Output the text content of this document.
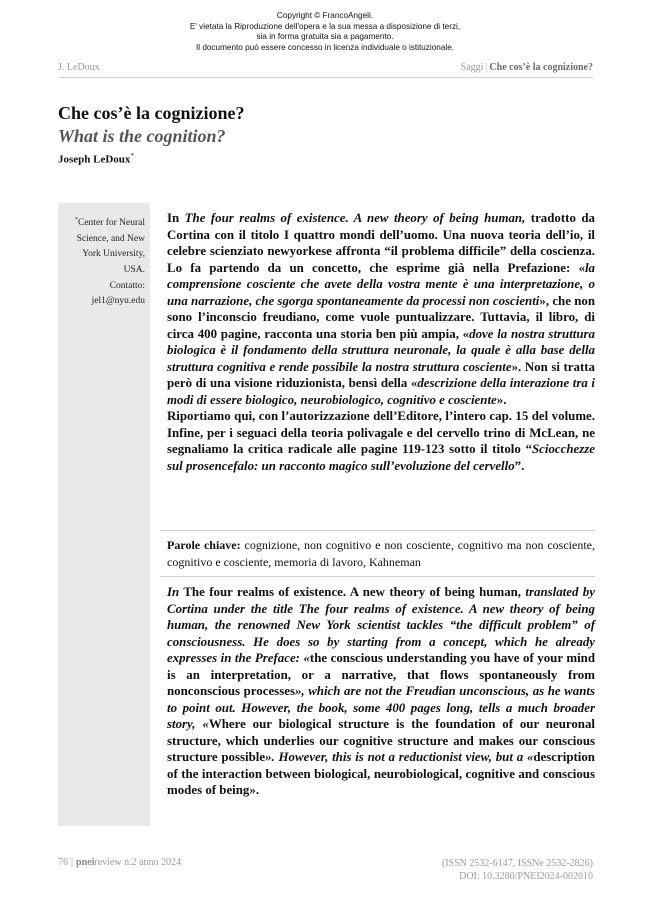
Copyright © FrancoAngeli.
E' vietata la Riproduzione dell'opera e la sua messa a disposizione di terzi,
sia in forma gratuita sia a pagamento.
Il documento può essere concesso in licenza individuale o istituzionale.
J. LeDoux	Saggi | Che cos’è la cognizione?
Che cos’è la cognizione?
What is the cognition?
Joseph LeDoux*
*Center for Neural
Science, and New
York University,
USA.
Contatto:
jel1@nyu.edu

In The four realms of existence. A new theory of being human, tradotto da Cortina con il titolo I quattro mondi dell’uomo. Una nuova teoria dell’io, il celebre scienziato newyorkese affronta “il problema difficile” della coscienza. Lo fa partendo da un concetto, che esprime già nella Prefazione: «la comprensione cosciente che avete della vostra mente è una interpretazione, o una narrazione, che sgorga spontaneamente da processi non coscienti», che non sono l’inconscio freudiano, come vuole puntualizzare. Tuttavia, il libro, di circa 400 pagine, racconta una storia ben più ampia, «dove la nostra struttura biologica è il fondamento della struttura neuronale, la quale è alla base della struttura cognitiva e rende possibile la nostra struttura cosciente». Non si tratta però di una visione riduzionista, bensì della «descrizione della interazione tra i modi di essere biologico, neurobiologico, cognitivo e cosciente».

Riportiamo qui, con l’autorizzazione dell’Editore, l’intero cap. 15 del volume. Infine, per i seguaci della teoria polivagale e del cervello trino di McLean, ne segnaliamo la critica radicale alle pagine 119-123 sotto il titolo “Sciocchezze sul prosencefalo: un racconto magico sull’evoluzione del cervello”.

Parole chiave: cognizione, non cognitivo e non cosciente, cognitivo ma non cosciente, cognitivo e cosciente, memoria di lavoro, Kahneman

In The four realms of existence. A new theory of being human, translated by Cortina under the title The four realms of existence. A new theory of being human, the renowned New York scientist tackles “the difficult problem” of consciousness. He does so by starting from a concept, which he already expresses in the Preface: «the conscious understanding you have of your mind is an interpretation, or a narrative, that flows spontaneously from nonconscious processes», which are not the Freudian unconscious, as he wants to point out. However, the book, some 400 pages long, tells a much broader story, «Where our biological structure is the foundation of our neuronal structure, which underlies our cognitive structure and makes our conscious structure possible». However, this is not a reductionist view, but a «description of the interaction between biological, neurobiological, cognitive and conscious modes of being».

76 | pneireview n.2 anno 2024	(ISSN 2532-6147, ISSNe 2532-2826)
DOI: 10.3280/PNEI2024-002010
